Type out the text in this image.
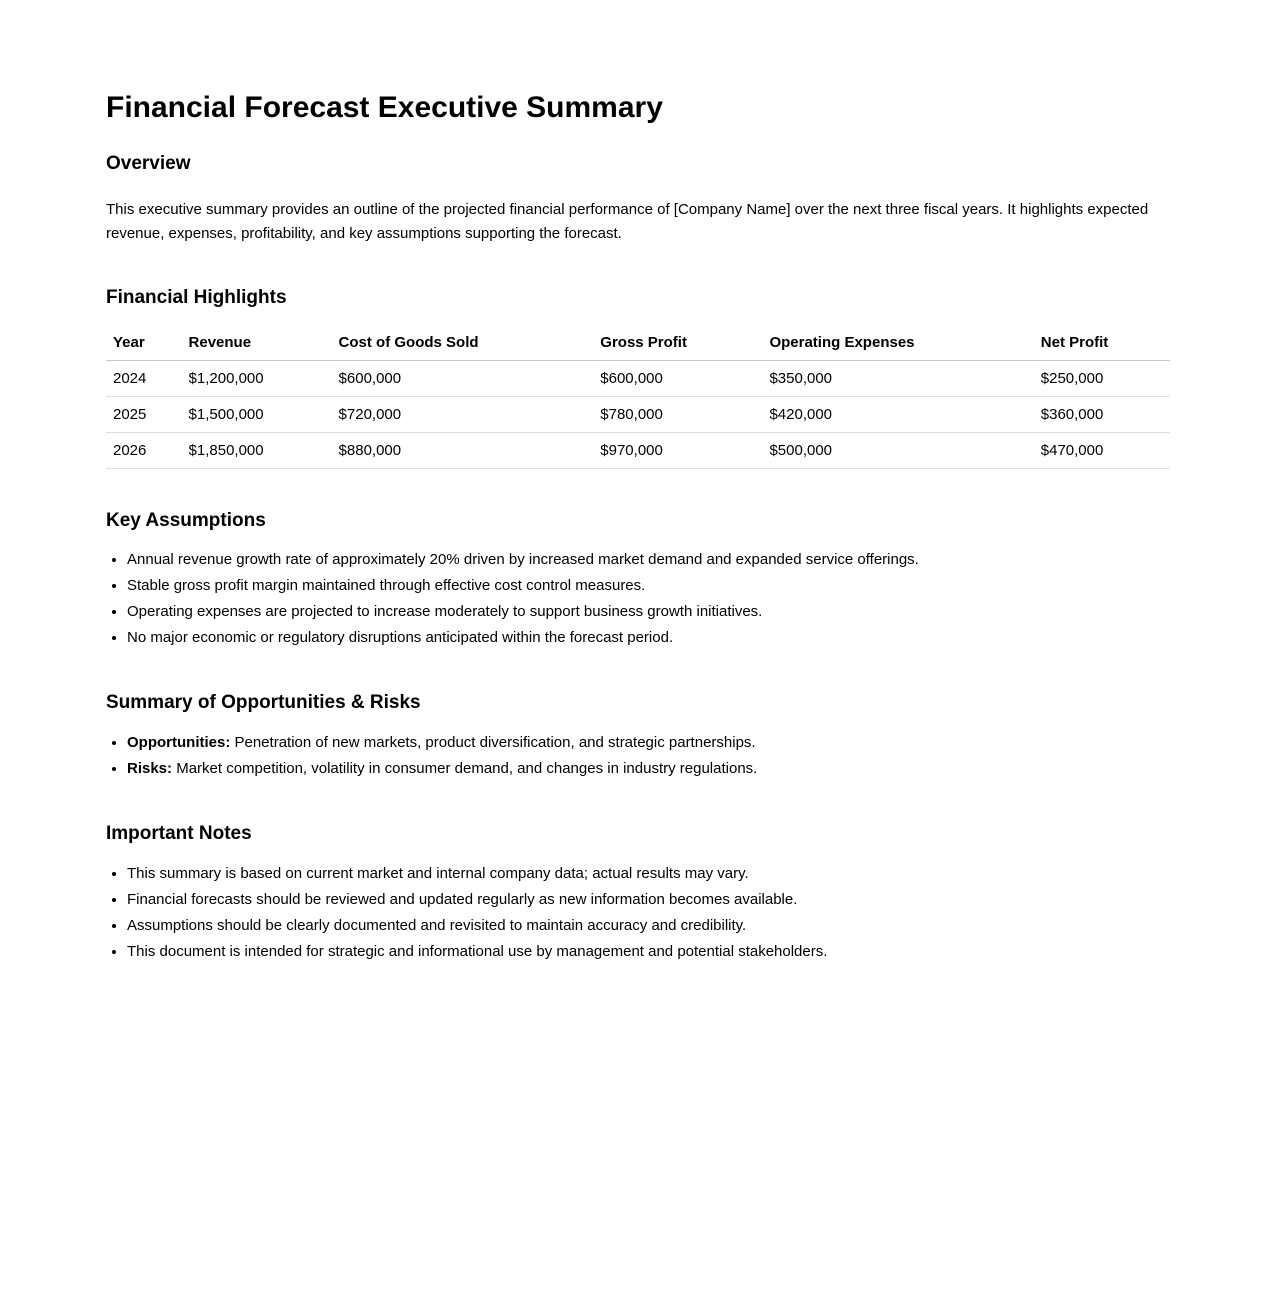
Financial Forecast Executive Summary
Overview

This executive summary provides an outline of the projected financial performance of [Company Name] over the next three fiscal years. It highlights expected revenue, expenses, profitability, and key assumptions supporting the forecast.

Financial Highlights
Year	Revenue	Cost of Goods Sold	Gross Profit	Operating Expenses	Net Profit
2024	$1,200,000	$600,000	$600,000	$350,000	$250,000
2025	$1,500,000	$720,000	$780,000	$420,000	$360,000
2026	$1,850,000	$880,000	$970,000	$500,000	$470,000
Key Assumptions
• Annual revenue growth rate of approximately 20% driven by increased market demand and expanded service offerings.
• Stable gross profit margin maintained through effective cost control measures.
• Operating expenses are projected to increase moderately to support business growth initiatives.
• No major economic or regulatory disruptions anticipated within the forecast period.
Summary of Opportunities & Risks
• Opportunities: Penetration of new markets, product diversification, and strategic partnerships.
• Risks: Market competition, volatility in consumer demand, and changes in industry regulations.
Important Notes
• This summary is based on current market and internal company data; actual results may vary.
• Financial forecasts should be reviewed and updated regularly as new information becomes available.
• Assumptions should be clearly documented and revisited to maintain accuracy and credibility.
• This document is intended for strategic and informational use by management and potential stakeholders.
